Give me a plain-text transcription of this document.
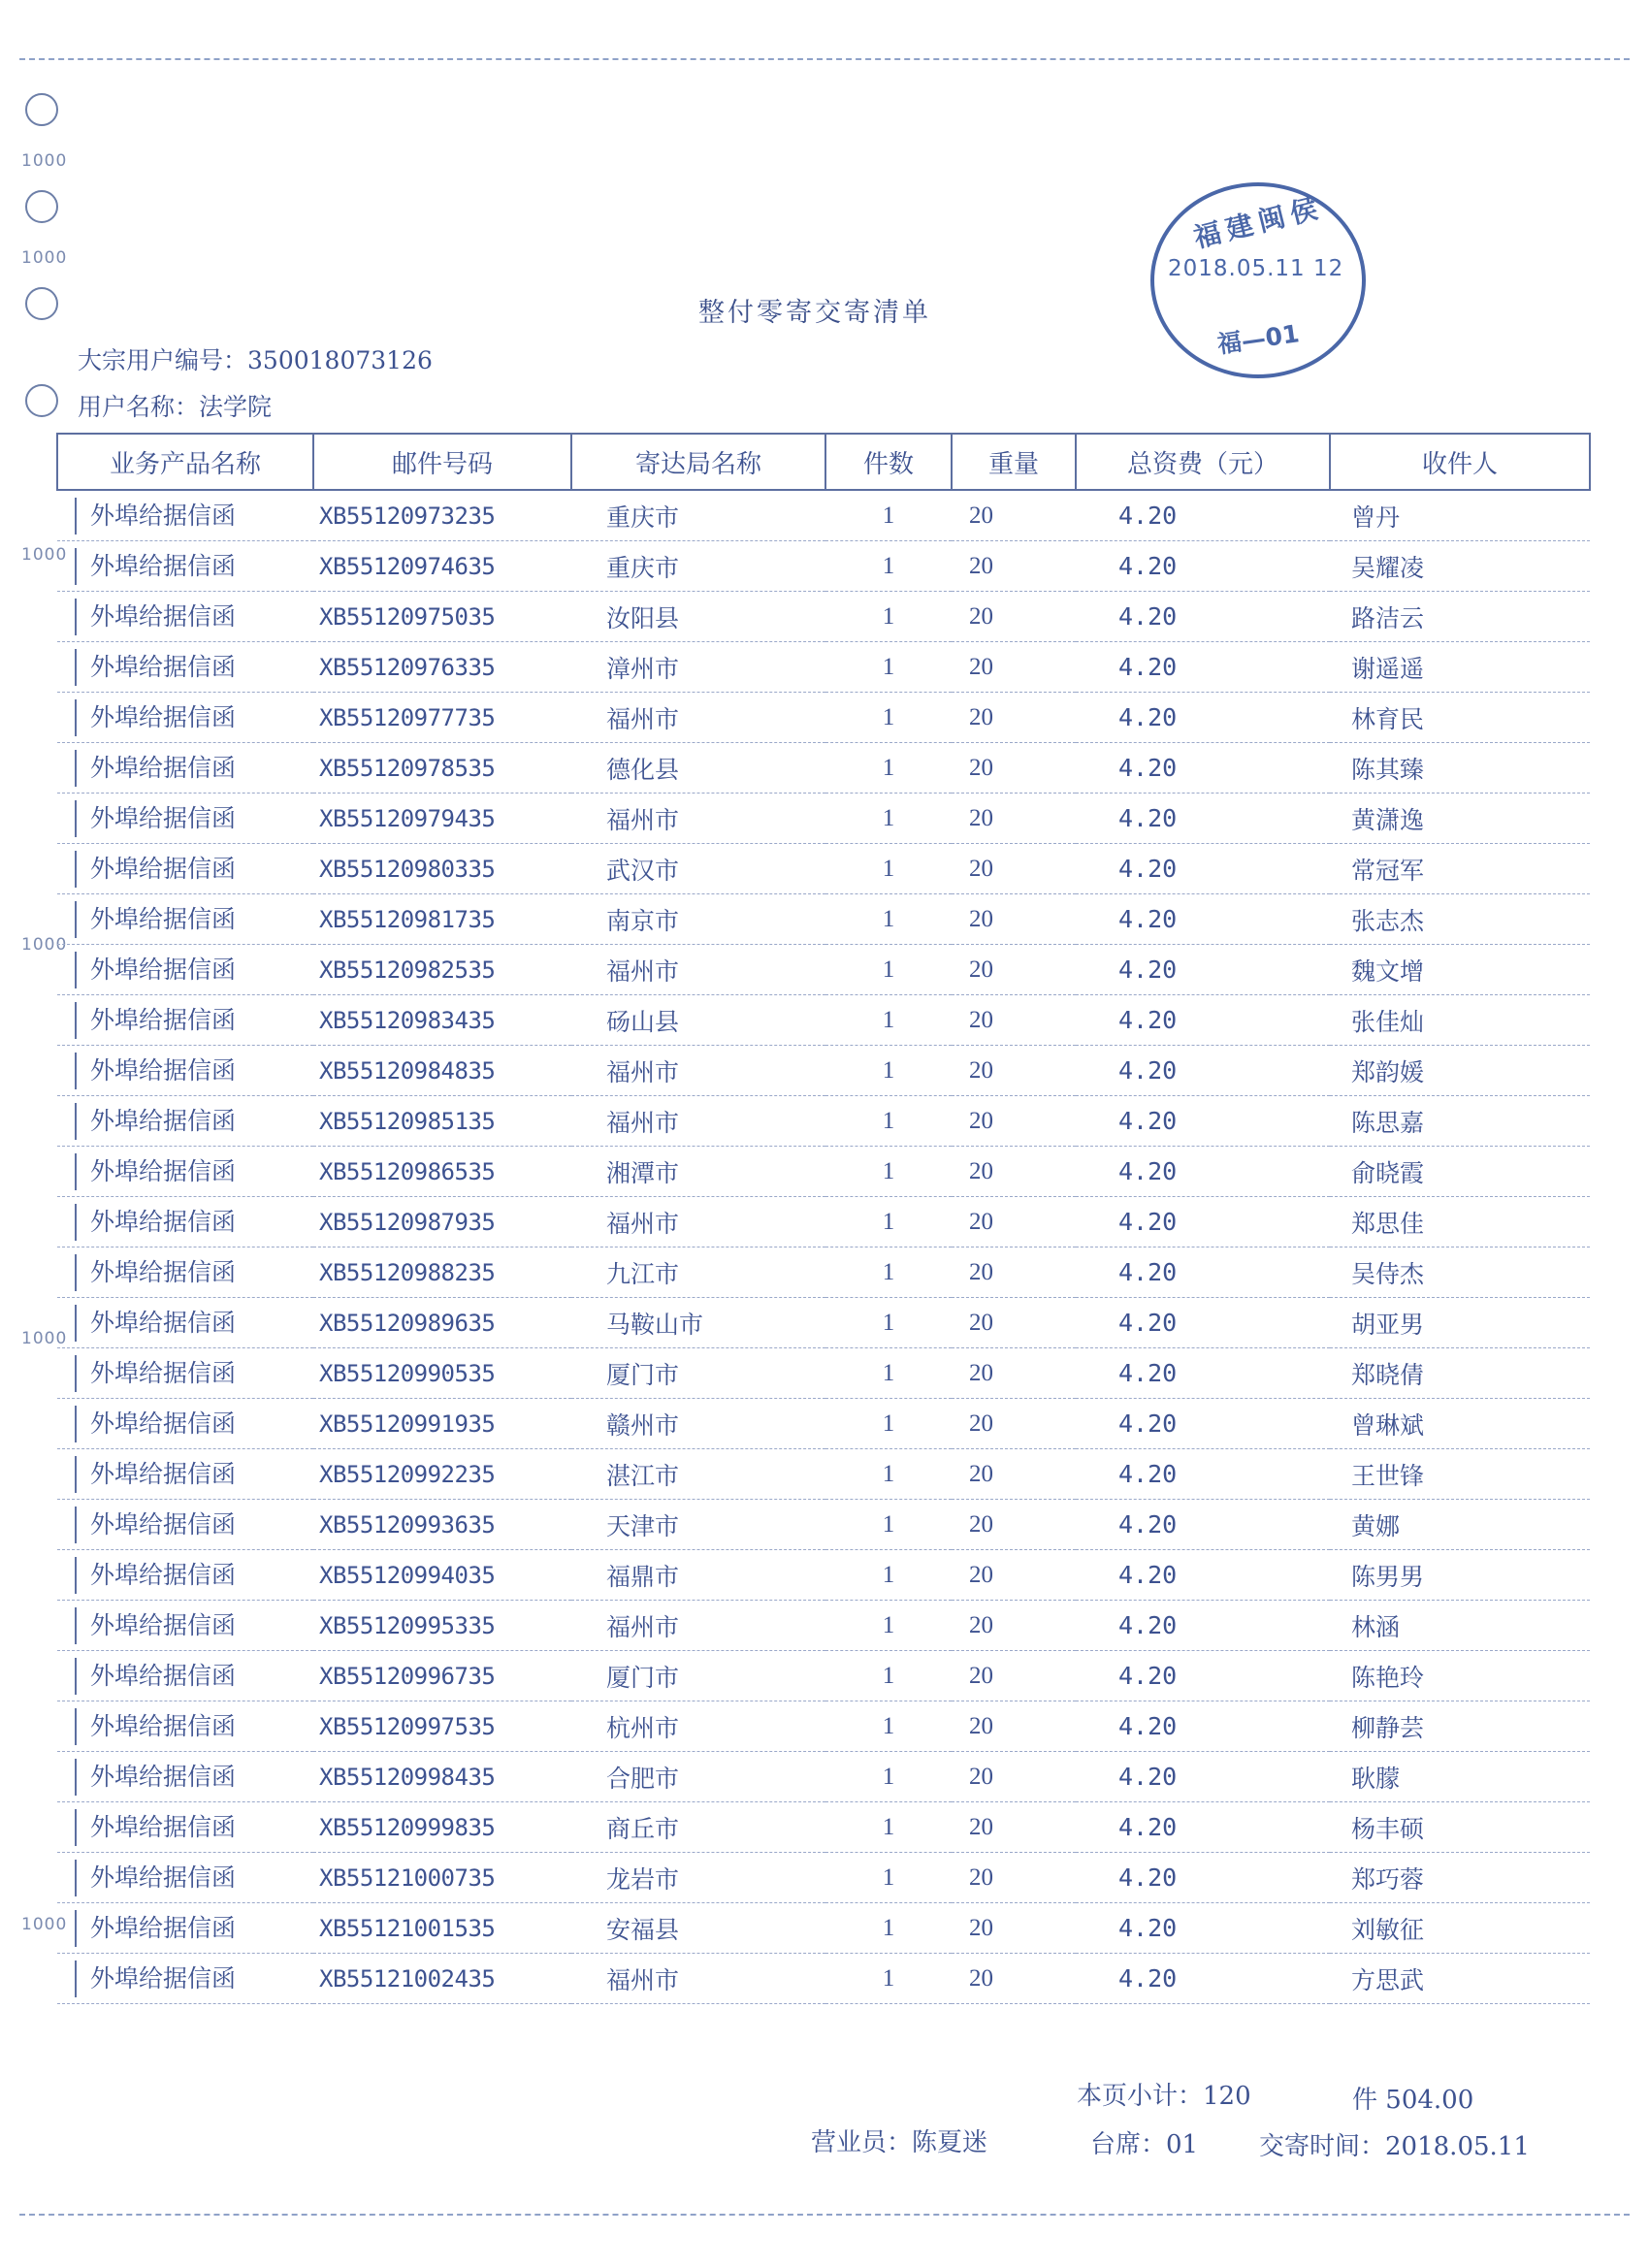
1000
1000
1000
1000
1000
1000
福建闽侯
2018.05.11 12
福—01
整付零寄交寄清单
大宗用户编号：350018073126
用户名称：法学院
业务产品名称	邮件号码	寄达局名称	件数	重量	总资费（元）	收件人
外埠给据信函	XB55120973235	重庆市	1	20	4.20	曾丹
外埠给据信函	XB55120974635	重庆市	1	20	4.20	吴耀凌
外埠给据信函	XB55120975035	汝阳县	1	20	4.20	路洁云
外埠给据信函	XB55120976335	漳州市	1	20	4.20	谢遥遥
外埠给据信函	XB55120977735	福州市	1	20	4.20	林育民
外埠给据信函	XB55120978535	德化县	1	20	4.20	陈其臻
外埠给据信函	XB55120979435	福州市	1	20	4.20	黄潇逸
外埠给据信函	XB55120980335	武汉市	1	20	4.20	常冠军
外埠给据信函	XB55120981735	南京市	1	20	4.20	张志杰
外埠给据信函	XB55120982535	福州市	1	20	4.20	魏文增
外埠给据信函	XB55120983435	砀山县	1	20	4.20	张佳灿
外埠给据信函	XB55120984835	福州市	1	20	4.20	郑韵媛
外埠给据信函	XB55120985135	福州市	1	20	4.20	陈思嘉
外埠给据信函	XB55120986535	湘潭市	1	20	4.20	俞晓霞
外埠给据信函	XB55120987935	福州市	1	20	4.20	郑思佳
外埠给据信函	XB55120988235	九江市	1	20	4.20	吴侍杰
外埠给据信函	XB55120989635	马鞍山市	1	20	4.20	胡亚男
外埠给据信函	XB55120990535	厦门市	1	20	4.20	郑晓倩
外埠给据信函	XB55120991935	赣州市	1	20	4.20	曾琳斌
外埠给据信函	XB55120992235	湛江市	1	20	4.20	王世锋
外埠给据信函	XB55120993635	天津市	1	20	4.20	黄娜
外埠给据信函	XB55120994035	福鼎市	1	20	4.20	陈男男
外埠给据信函	XB55120995335	福州市	1	20	4.20	林涵
外埠给据信函	XB55120996735	厦门市	1	20	4.20	陈艳玲
外埠给据信函	XB55120997535	杭州市	1	20	4.20	柳静芸
外埠给据信函	XB55120998435	合肥市	1	20	4.20	耿朦
外埠给据信函	XB55120999835	商丘市	1	20	4.20	杨丰硕
外埠给据信函	XB55121000735	龙岩市	1	20	4.20	郑巧蓉
外埠给据信函	XB55121001535	安福县	1	20	4.20	刘敏征
外埠给据信函	XB55121002435	福州市	1	20	4.20	方思武
本页小计：120	件 504.00
营业员：陈夏迷	台席：01 交寄时间：2018.05.11
